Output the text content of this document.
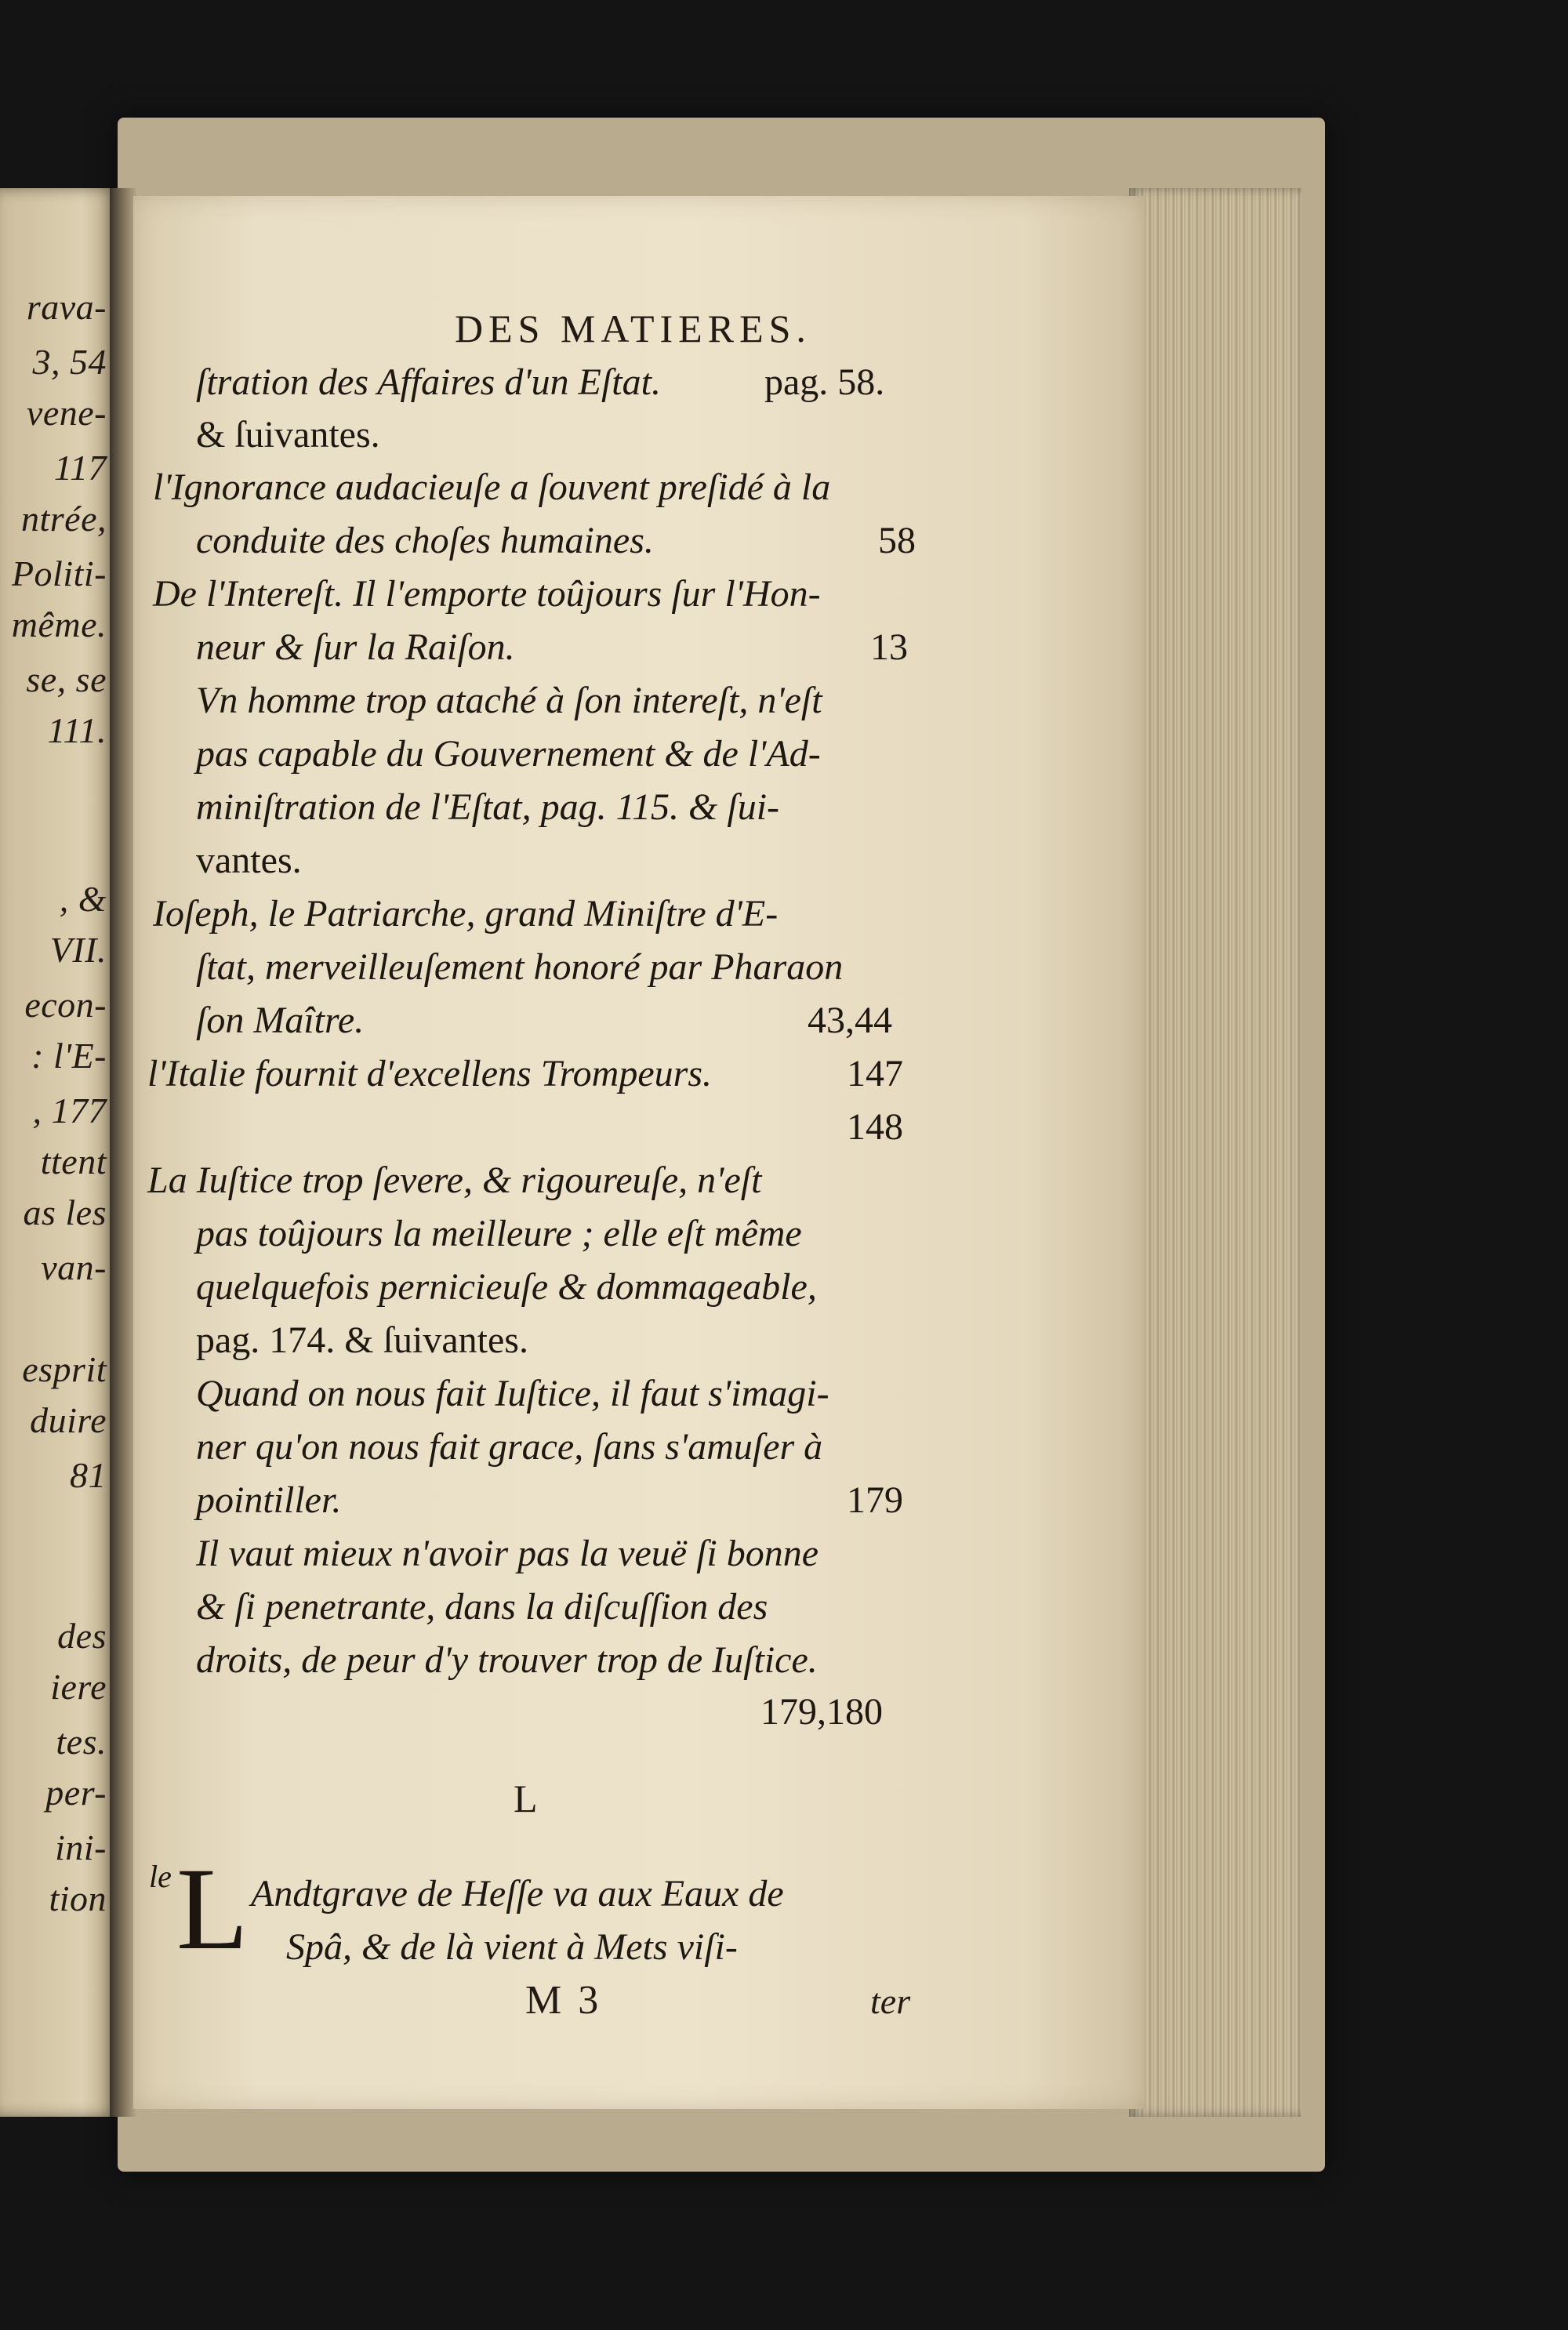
rava-
3, 54
vene-
117
ntrée,
Politi-
même.
se, se
111.
, &
VII.
econ-
: l'E-
, 177
ttent
as les
van-
esprit
duire
81
des
iere
tes.
per-
ini-
tion
DES MATIERES.
ſtration des Affaires d'un Eſtat.	pag. 58.
& ſuivantes.
l'Ignorance audacieuſe a ſouvent preſidé à la
conduite des choſes humaines.	58
De l'Intereſt. Il l'emporte toûjours ſur l'Hon-
neur & ſur la Raiſon.	13
Vn homme trop ataché à ſon intereſt, n'eſt
pas capable du Gouvernement & de l'Ad-
miniſtration de l'Eſtat, pag. 115. & ſui-
vantes.
Ioſeph, le Patriarche, grand Miniſtre d'E-
ſtat, merveilleuſement honoré par Pharaon
ſon Maître.	43,44
l'Italie fournit d'excellens Trompeurs.	147
148
La Iuſtice trop ſevere, & rigoureuſe, n'eſt
pas toûjours la meilleure ; elle eſt même
quelquefois pernicieuſe & dommageable,
pag. 174. & ſuivantes.
Quand on nous fait Iuſtice, il faut s'imagi-
ner qu'on nous fait grace, ſans s'amuſer à
pointiller.	179
Il vaut mieux n'avoir pas la veuë ſi bonne
& ſi penetrante, dans la diſcuſſion des
droits, de peur d'y trouver trop de Iuſtice.
179,180
L
le L Andtgrave de Heſſe va aux Eaux de
Spâ, & de là vient à Mets viſi-
M 3	ter
